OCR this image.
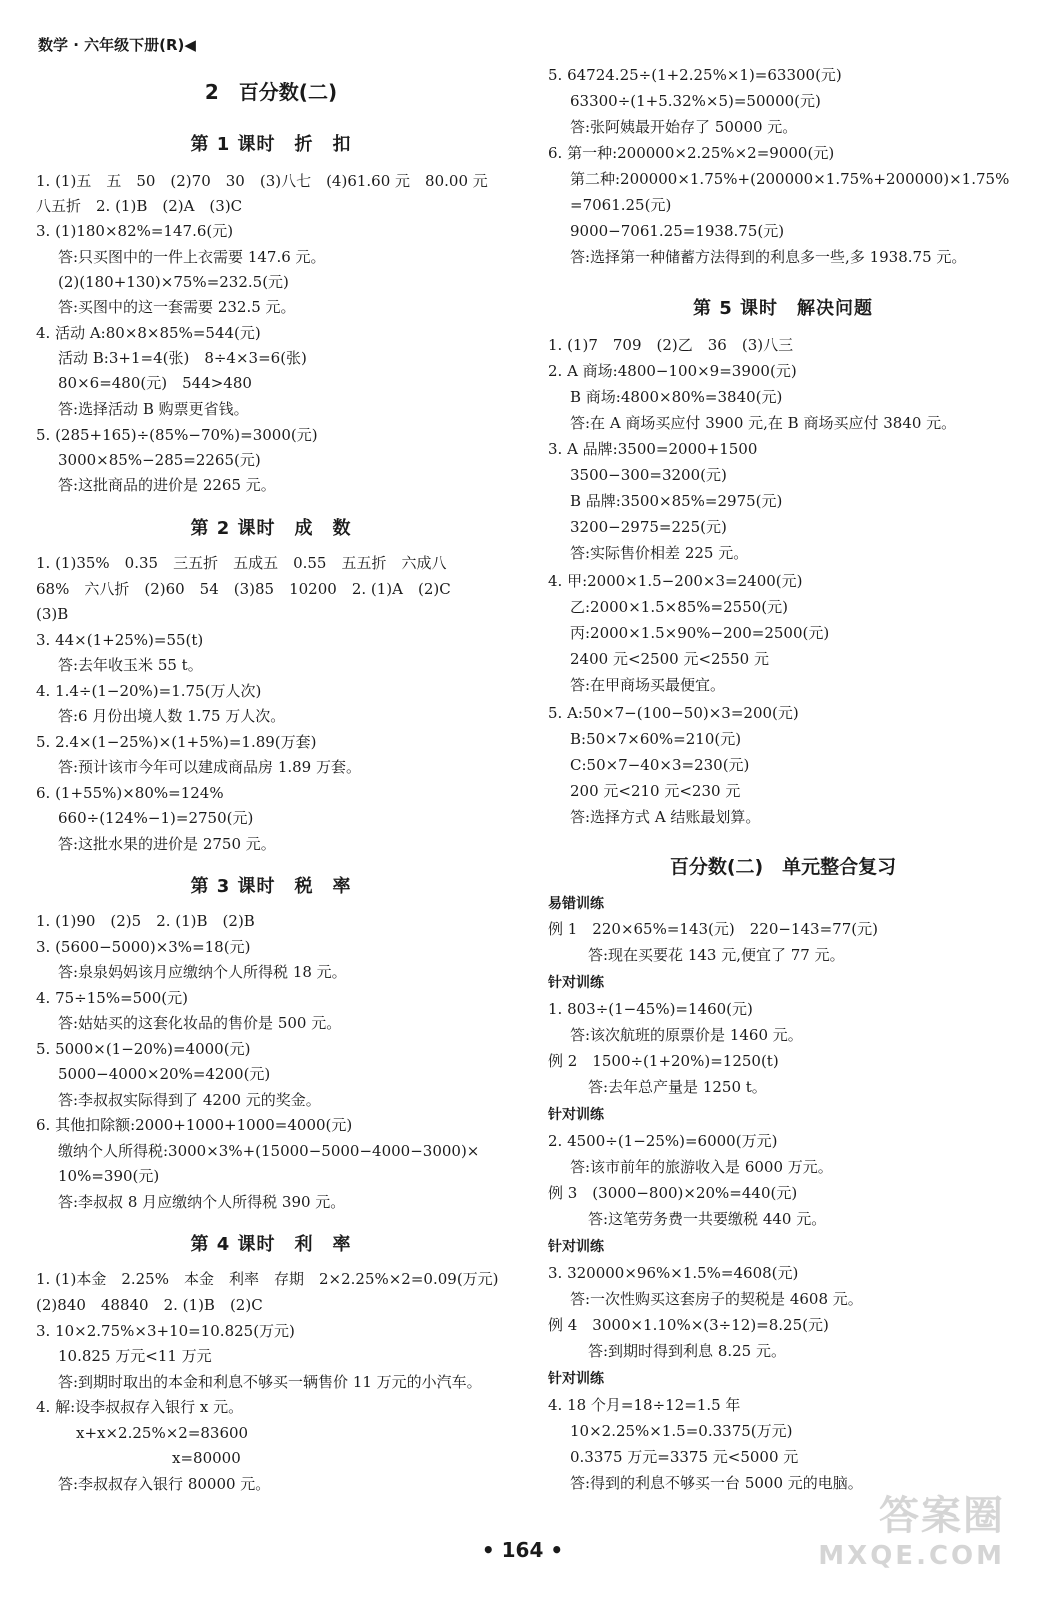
数学 · 六年级下册(R)◀
2　百分数(二)
第 1 课时　折　扣
1. (1)五　五　50　(2)70　30　(3)八七　(4)61.60 元　80.00 元
八五折　2. (1)B　(2)A　(3)C
3. (1)180×82%=147.6(元)
答:只买图中的一件上衣需要 147.6 元。
(2)(180+130)×75%=232.5(元)
答:买图中的这一套需要 232.5 元。
4. 活动 A:80×8×85%=544(元)
活动 B:3+1=4(张)　8÷4×3=6(张)
80×6=480(元)　544>480
答:选择活动 B 购票更省钱。
5. (285+165)÷(85%−70%)=3000(元)
3000×85%−285=2265(元)
答:这批商品的进价是 2265 元。
第 2 课时　成　数
1. (1)35%　0.35　三五折　五成五　0.55　五五折　六成八
68%　六八折　(2)60　54　(3)85　10200　2. (1)A　(2)C
(3)B
3. 44×(1+25%)=55(t)
答:去年收玉米 55 t。
4. 1.4÷(1−20%)=1.75(万人次)
答:6 月份出境人数 1.75 万人次。
5. 2.4×(1−25%)×(1+5%)=1.89(万套)
答:预计该市今年可以建成商品房 1.89 万套。
6. (1+55%)×80%=124%
660÷(124%−1)=2750(元)
答:这批水果的进价是 2750 元。
第 3 课时　税　率
1. (1)90　(2)5　2. (1)B　(2)B
3. (5600−5000)×3%=18(元)
答:泉泉妈妈该月应缴纳个人所得税 18 元。
4. 75÷15%=500(元)
答:姑姑买的这套化妆品的售价是 500 元。
5. 5000×(1−20%)=4000(元)
5000−4000×20%=4200(元)
答:李叔叔实际得到了 4200 元的奖金。
6. 其他扣除额:2000+1000+1000=4000(元)
缴纳个人所得税:3000×3%+(15000−5000−4000−3000)×
10%=390(元)
答:李叔叔 8 月应缴纳个人所得税 390 元。
第 4 课时　利　率
1. (1)本金　2.25%　本金　利率　存期　2×2.25%×2=0.09(万元)
(2)840　48840　2. (1)B　(2)C
3. 10×2.75%×3+10=10.825(万元)
10.825 万元<11 万元
答:到期时取出的本金和利息不够买一辆售价 11 万元的小汽车。
4. 解:设李叔叔存入银行 x 元。
x+x×2.25%×2=83600
x=80000
答:李叔叔存入银行 80000 元。
5. 64724.25÷(1+2.25%×1)=63300(元)
63300÷(1+5.32%×5)=50000(元)
答:张阿姨最开始存了 50000 元。
6. 第一种:200000×2.25%×2=9000(元)
第二种:200000×1.75%+(200000×1.75%+200000)×1.75%
=7061.25(元)
9000−7061.25=1938.75(元)
答:选择第一种储蓄方法得到的利息多一些,多 1938.75 元。
第 5 课时　解决问题
1. (1)7　709　(2)乙　36　(3)八三
2. A 商场:4800−100×9=3900(元)
B 商场:4800×80%=3840(元)
答:在 A 商场买应付 3900 元,在 B 商场买应付 3840 元。
3. A 品牌:3500=2000+1500
3500−300=3200(元)
B 品牌:3500×85%=2975(元)
3200−2975=225(元)
答:实际售价相差 225 元。
4. 甲:2000×1.5−200×3=2400(元)
乙:2000×1.5×85%=2550(元)
丙:2000×1.5×90%−200=2500(元)
2400 元<2500 元<2550 元
答:在甲商场买最便宜。
5. A:50×7−(100−50)×3=200(元)
B:50×7×60%=210(元)
C:50×7−40×3=230(元)
200 元<210 元<230 元
答:选择方式 A 结账最划算。
百分数(二)　单元整合复习
易错训练
例 1　220×65%=143(元)　220−143=77(元)
答:现在买要花 143 元,便宜了 77 元。
针对训练
1. 803÷(1−45%)=1460(元)
答:该次航班的原票价是 1460 元。
例 2　1500÷(1+20%)=1250(t)
答:去年总产量是 1250 t。
针对训练
2. 4500÷(1−25%)=6000(万元)
答:该市前年的旅游收入是 6000 万元。
例 3　(3000−800)×20%=440(元)
答:这笔劳务费一共要缴税 440 元。
针对训练
3. 320000×96%×1.5%=4608(元)
答:一次性购买这套房子的契税是 4608 元。
例 4　3000×1.10%×(3÷12)=8.25(元)
答:到期时得到利息 8.25 元。
针对训练
4. 18 个月=18÷12=1.5 年
10×2.25%×1.5=0.3375(万元)
0.3375 万元=3375 元<5000 元
答:得到的利息不够买一台 5000 元的电脑。
• 164 •
答案圈
MXQE.COM
